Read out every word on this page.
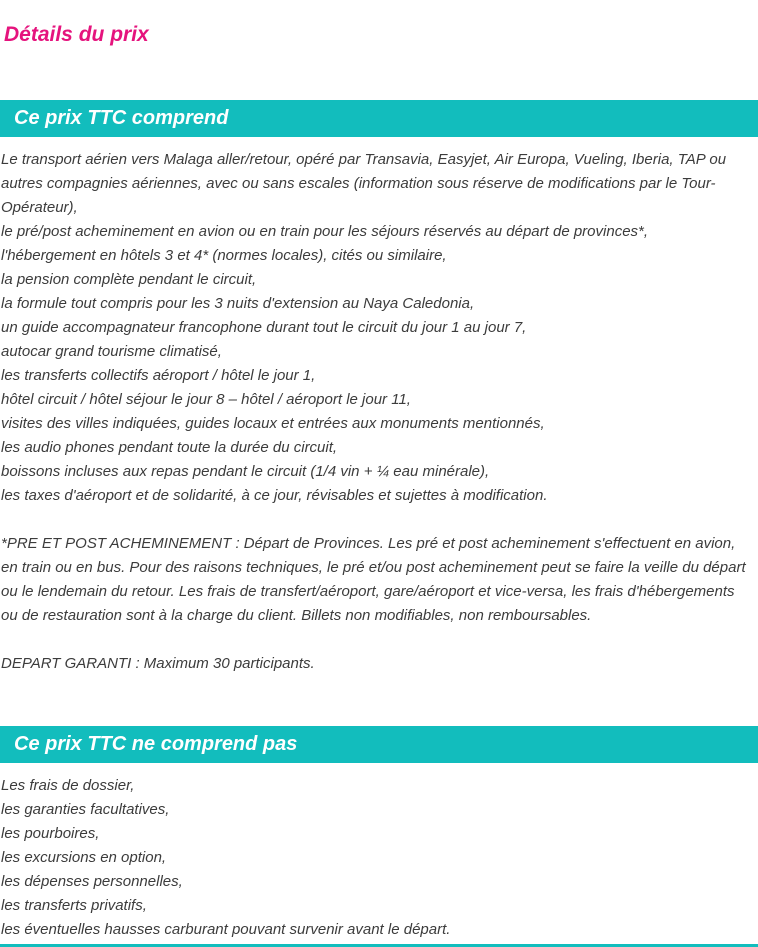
Détails du prix
Ce prix TTC comprend
Le transport aérien vers Malaga aller/retour, opéré par Transavia, Easyjet, Air Europa, Vueling, Iberia, TAP ou autres compagnies aériennes, avec ou sans escales (information sous réserve de modifications par le Tour-Opérateur),
le pré/post acheminement en avion ou en train pour les séjours réservés au départ de provinces*,
l'hébergement en hôtels 3 et 4* (normes locales), cités ou similaire,
la pension complète pendant le circuit,
la formule tout compris pour les 3 nuits d'extension au Naya Caledonia,
un guide accompagnateur francophone durant tout le circuit du jour 1 au jour 7,
autocar grand tourisme climatisé,
les transferts collectifs aéroport / hôtel le jour 1,
hôtel circuit / hôtel séjour le jour 8 – hôtel / aéroport le jour 11,
visites des villes indiquées, guides locaux et entrées aux monuments mentionnés,
les audio phones pendant toute la durée du circuit,
boissons incluses aux repas pendant le circuit (1/4 vin + ¼ eau minérale),
les taxes d'aéroport et de solidarité, à ce jour, révisables et sujettes à modification.

*PRE ET POST ACHEMINEMENT : Départ de Provinces. Les pré et post acheminement s'effectuent en avion, en train ou en bus. Pour des raisons techniques, le pré et/ou post acheminement peut se faire la veille du départ ou le lendemain du retour. Les frais de transfert/aéroport, gare/aéroport et vice-versa, les frais d'hébergements ou de restauration sont à la charge du client. Billets non modifiables, non remboursables.

DEPART GARANTI : Maximum 30 participants.

Ce prix TTC ne comprend pas
Les frais de dossier,
les garanties facultatives,
les pourboires,
les excursions en option,
les dépenses personnelles,
les transferts privatifs,
les éventuelles hausses carburant pouvant survenir avant le départ.
